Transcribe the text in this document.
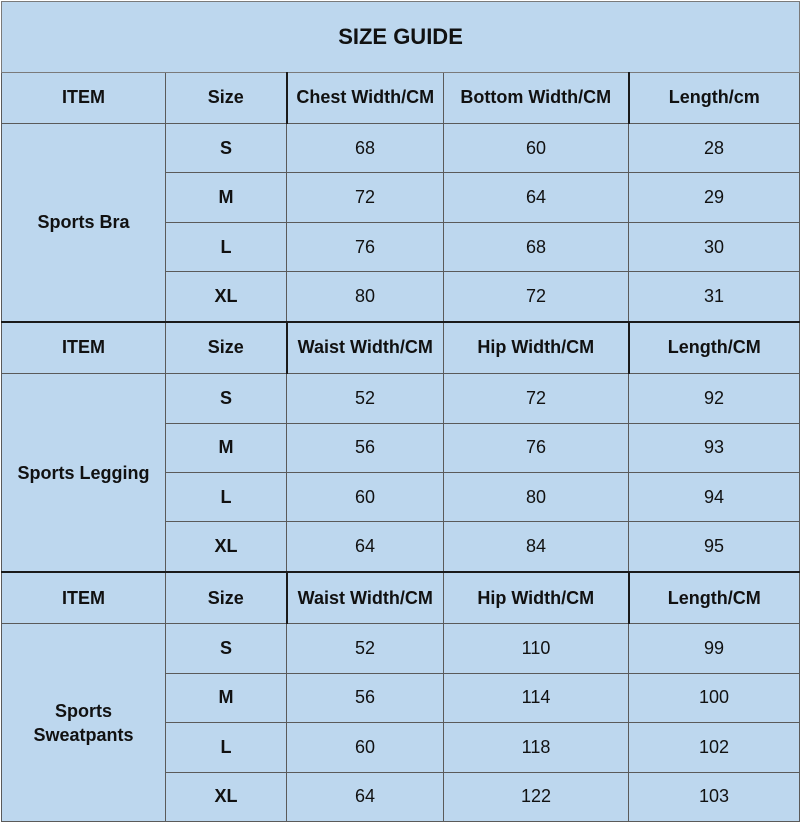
SIZE GUIDE				
ITEM	Size	Chest Width/CM	Bottom Width/CM	Length/cm
Sports Bra	S	68	60	28
	M	72	64	29
	L	76	68	30
	XL	80	72	31
ITEM	Size	Waist Width/CM	Hip Width/CM	Length/CM
Sports Legging	S	52	72	92
	M	56	76	93
	L	60	80	94
	XL	64	84	95
ITEM	Size	Waist Width/CM	Hip Width/CM	Length/CM
Sports
Sweatpants	S	52	110	99
	M	56	114	100
	L	60	118	102
	XL	64	122	103
